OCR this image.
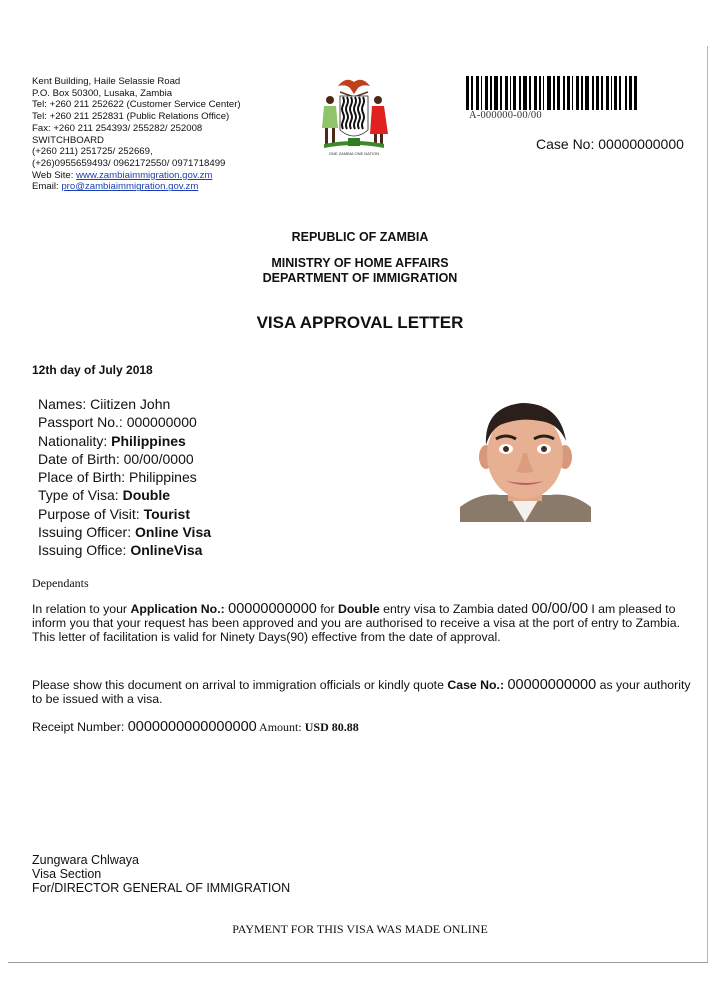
Kent Building, Haile Selassie Road
P.O. Box 50300, Lusaka, Zambia
Tel: +260 211 252622 (Customer Service Center)
Tel: +260 211 252831 (Public Relations Office)
Fax: +260 211 254393/ 255282/ 252008
SWITCHBOARD
(+260 211) 251725/ 252669,
(+26)0955659493/ 0962172550/ 0971718499
Web Site: www.zambiaimmigration.gov.zm
Email: pro@zambiaimmigration.gov.zm
ONE ZAMBIA ONE NATION
A-000000-00/00
Case No: 00000000000
REPUBLIC OF ZAMBIA
MINISTRY OF HOME AFFAIRS
DEPARTMENT OF IMMIGRATION
VISA APPROVAL LETTER
12th day of July 2018
Names: Ciitizen John
Passport No.: 000000000
Nationality: Philippines
Date of Birth: 00/00/0000
Place of Birth: Philippines
Type of Visa: Double
Purpose of Visit: Tourist
Issuing Officer: Online Visa
Issuing Office: OnlineVisa
Dependants
In relation to your Application No.: 00000000000 for Double entry visa to Zambia dated 00/00/00 I am pleased to inform you that your request has been approved and you are authorised to receive a visa at the port of entry to Zambia.
This letter of facilitation is valid for Ninety Days(90) effective from the date of approval.
Please show this document on arrival to immigration officials or kindly quote Case No.: 00000000000 as your authority to be issued with a visa.
Receipt Number: 0000000000000000 Amount: USD 80.88
Zungwara Chlwaya
Visa Section
For/DIRECTOR GENERAL OF IMMIGRATION
PAYMENT FOR THIS VISA WAS MADE ONLINE
